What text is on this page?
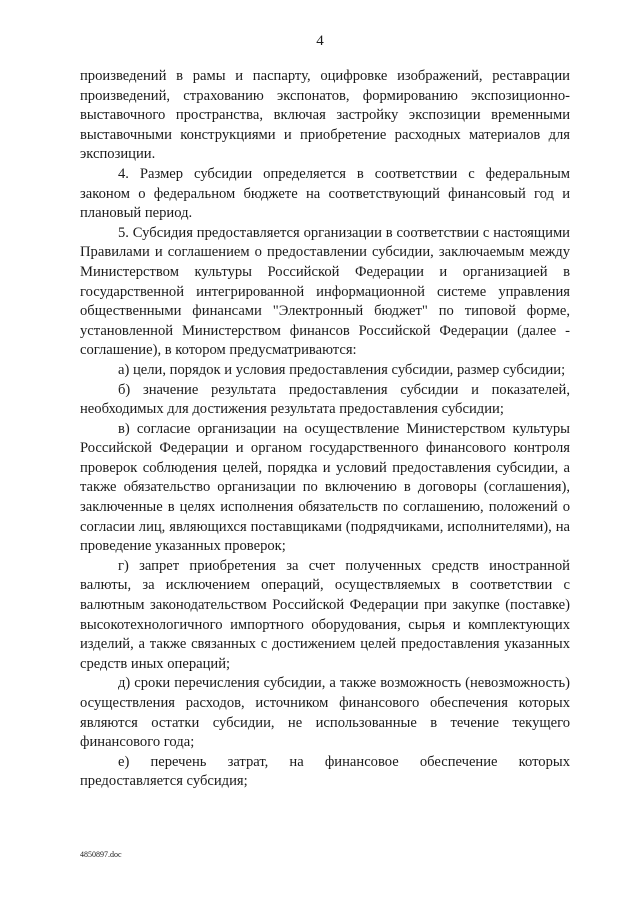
4

произведений в рамы и паспарту, оцифровке изображений, реставрации произведений, страхованию экспонатов, формированию экспозиционно-выставочного пространства, включая застройку экспозиции временными выставочными конструкциями и приобретение расходных материалов для экспозиции.

4. Размер субсидии определяется в соответствии с федеральным законом о федеральном бюджете на соответствующий финансовый год и плановый период.

5. Субсидия предоставляется организации в соответствии с настоящими Правилами и соглашением о предоставлении субсидии, заключаемым между Министерством культуры Российской Федерации и организацией в государственной интегрированной информационной системе управления общественными финансами "Электронный бюджет" по типовой форме, установленной Министерством финансов Российской Федерации (далее - соглашение), в котором предусматриваются:

а) цели, порядок и условия предоставления субсидии, размер субсидии;

б) значение результата предоставления субсидии и показателей, необходимых для достижения результата предоставления субсидии;

в) согласие организации на осуществление Министерством культуры Российской Федерации и органом государственного финансового контроля проверок соблюдения целей, порядка и условий предоставления субсидии, а также обязательство организации по включению в договоры (соглашения), заключенные в целях исполнения обязательств по соглашению, положений о согласии лиц, являющихся поставщиками (подрядчиками, исполнителями), на проведение указанных проверок;

г) запрет приобретения за счет полученных средств иностранной валюты, за исключением операций, осуществляемых в соответствии с валютным законодательством Российской Федерации при закупке (поставке) высокотехнологичного импортного оборудования, сырья и комплектующих изделий, а также связанных с достижением целей предоставления указанных средств иных операций;

д) сроки перечисления субсидии, а также возможность (невозможность) осуществления расходов, источником финансового обеспечения которых являются остатки субсидии, не использованные в течение текущего финансового года;

е) перечень затрат, на финансовое обеспечение которых предоставляется субсидия;

4850897.doc
